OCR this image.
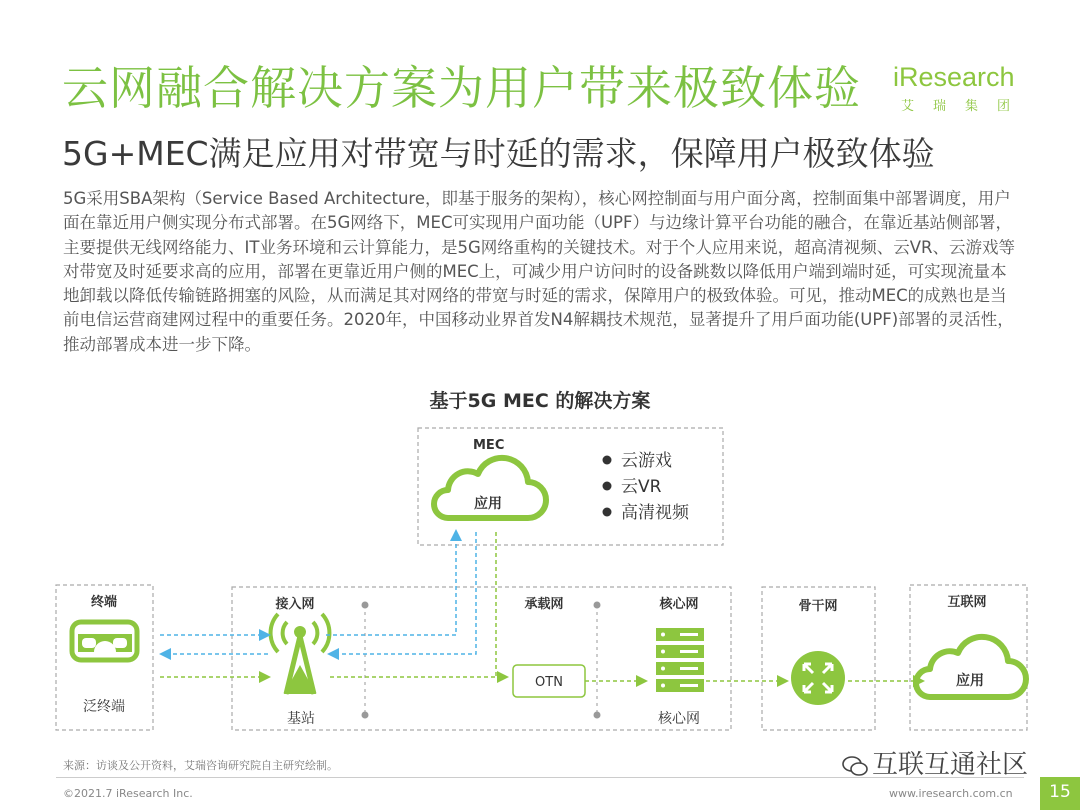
云网融合解决方案为用户带来极致体验 iResearch
艾瑞集团
5G+MEC满足应用对带宽与时延的需求，保障用户极致体验
5G采用SBA架构（Service Based Architecture，即基于服务的架构），核心网控制面与用户面分离，控制面集中部署调度，用户面在靠近用户侧实现分布式部署。在5G网络下，MEC可实现用户面功能（UPF）与边缘计算平台功能的融合，在靠近基站侧部署，主要提供无线网络能力、IT业务环境和云计算能力，是5G网络重构的关键技术。对于个人应用来说，超高清视频、云VR、云游戏等对带宽及时延要求高的应用，部署在更靠近用户侧的MEC上，可减少用户访问时的设备跳数以降低用户端到端时延，可实现流量本地卸载以降低传输链路拥塞的风险，从而满足其对网络的带宽与时延的需求，保障用户的极致体验。可见，推动MEC的成熟也是当前电信运营商建网过程中的重要任务。2020年，中国移动业界首发N4解耦技术规范，显著提升了用戶面功能(UPF)部署的灵活性，推动部署成本进一步下降。
基于5G MEC 的解决方案
MEC
应用
云游戏
云VR
高清视频
终端
泛终端
接入网	承载网	核心网
基站
OTN
核心网
骨干网	互联网
应用
来源：访谈及公开资料，艾瑞咨询研究院自主研究绘制。
©2021.7 iResearch Inc.	www.iresearch.com.cn	15
互联互通社区
